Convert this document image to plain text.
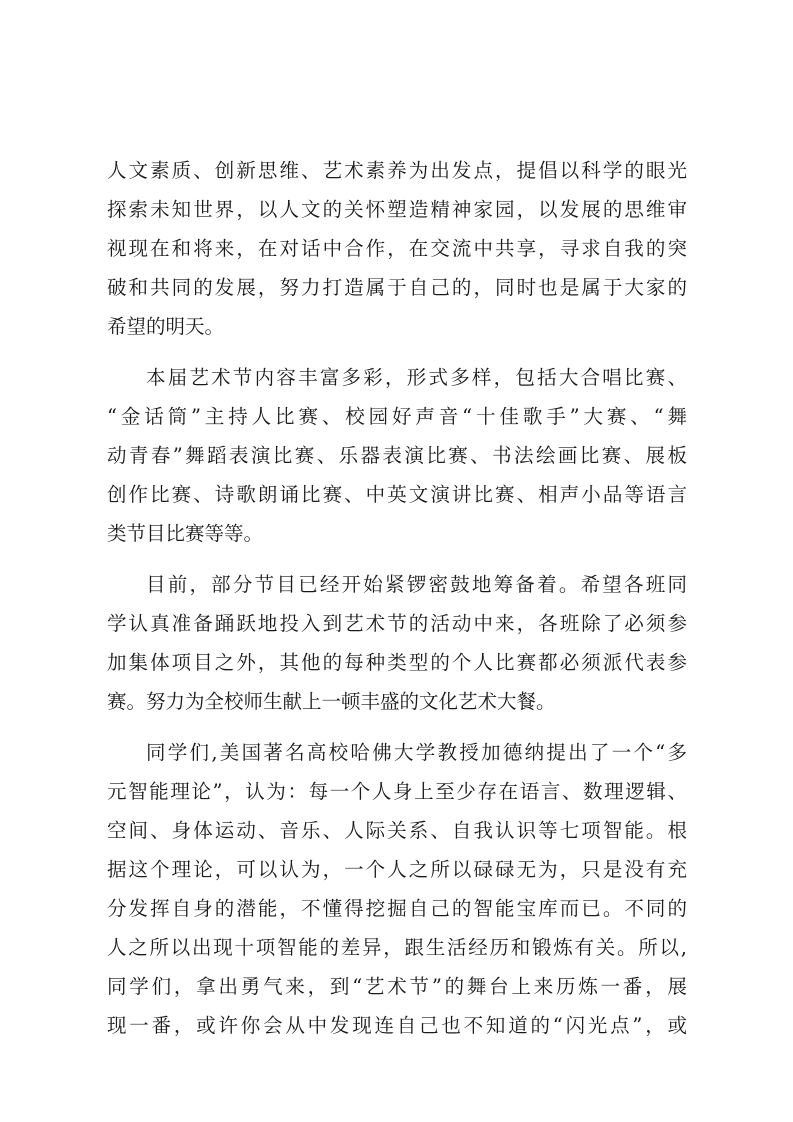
人文素质、创新思维、艺术素养为出发点，提倡以科学的眼光
探索未知世界，以人文的关怀塑造精神家园，以发展的思维审
视现在和将来，在对话中合作，在交流中共享，寻求自我的突
破和共同的发展，努力打造属于自己的，同时也是属于大家的
希望的明天。

本届艺术节内容丰富多彩，形式多样，包括大合唱比赛、
“金话筒”主持人比赛、校园好声音“十佳歌手”大赛、“舞
动青春”舞蹈表演比赛、乐器表演比赛、书法绘画比赛、展板
创作比赛、诗歌朗诵比赛、中英文演讲比赛、相声小品等语言
类节目比赛等等。

目前，部分节目已经开始紧锣密鼓地筹备着。希望各班同
学认真准备踊跃地投入到艺术节的活动中来，各班除了必须参
加集体项目之外，其他的每种类型的个人比赛都必须派代表参
赛。努力为全校师生献上一顿丰盛的文化艺术大餐。

同学们,美国著名高校哈佛大学教授加德纳提出了一个“多
元智能理论”，认为：每一个人身上至少存在语言、数理逻辑、
空间、身体运动、音乐、人际关系、自我认识等七项智能。根
据这个理论，可以认为，一个人之所以碌碌无为，只是没有充
分发挥自身的潜能，不懂得挖掘自己的智能宝库而已。不同的
人之所以出现十项智能的差异，跟生活经历和锻炼有关。所以,
同学们，拿出勇气来，到“艺术节”的舞台上来历炼一番，展
现一番，或许你会从中发现连自己也不知道的“闪光点”，或
